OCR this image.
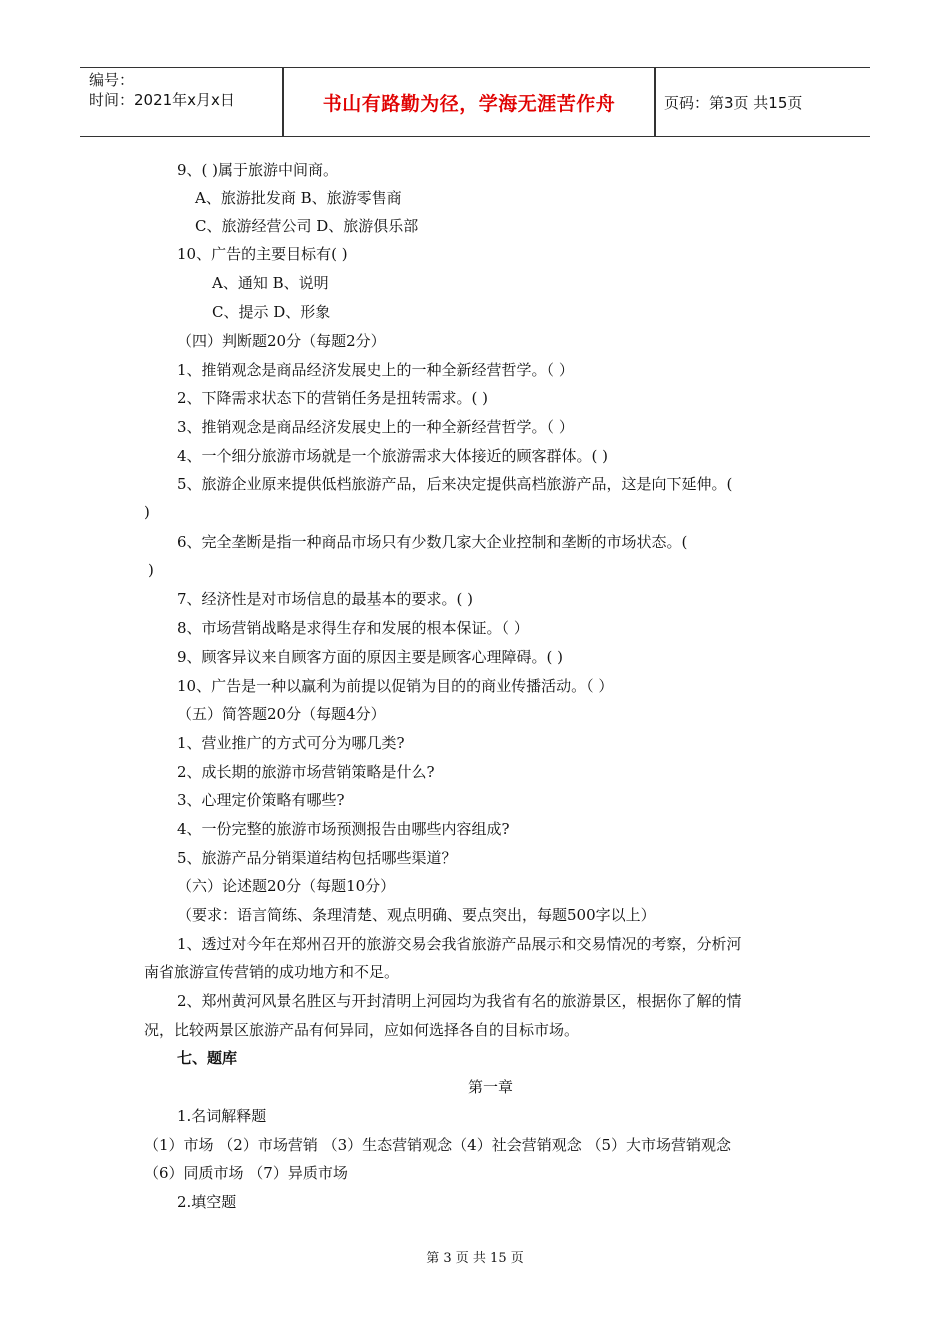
编号：
时间：2021年x月x日	书山有路勤为径，学海无涯苦作舟	页码：第3页 共15页
9、( )属于旅游中间商。
A、旅游批发商 B、旅游零售商
C、旅游经营公司 D、旅游俱乐部
10、广告的主要目标有( )
A、通知 B、说明
C、提示 D、形象
（四）判断题20分（每题2分）
1、推销观念是商品经济发展史上的一种全新经营哲学。（ ）
2、下降需求状态下的营销任务是扭转需求。( )
3、推销观念是商品经济发展史上的一种全新经营哲学。（ ）
4、一个细分旅游市场就是一个旅游需求大体接近的顾客群体。( )
5、旅游企业原来提供低档旅游产品，后来决定提供高档旅游产品，这是向下延伸。(
)
6、完全垄断是指一种商品市场只有少数几家大企业控制和垄断的市场状态。(
)
7、经济性是对市场信息的最基本的要求。( )
8、市场营销战略是求得生存和发展的根本保证。（ ）
9、顾客异议来自顾客方面的原因主要是顾客心理障碍。( )
10、广告是一种以赢利为前提以促销为目的的商业传播活动。（ ）
（五）简答题20分（每题4分）
1、营业推广的方式可分为哪几类?
2、成长期的旅游市场营销策略是什么?
3、心理定价策略有哪些?
4、一份完整的旅游市场预测报告由哪些内容组成?
5、旅游产品分销渠道结构包括哪些渠道？
（六）论述题20分（每题10分）
（要求：语言简练、条理清楚、观点明确、要点突出，每题500字以上）
1、透过对今年在郑州召开的旅游交易会我省旅游产品展示和交易情况的考察，分析河
南省旅游宣传营销的成功地方和不足。
2、郑州黄河风景名胜区与开封清明上河园均为我省有名的旅游景区，根据你了解的情
况，比较两景区旅游产品有何异同，应如何选择各自的目标市场。
七、题库
第一章
1.名词解释题
（1）市场 （2）市场营销 （3）生态营销观念（4）社会营销观念 （5）大市场营销观念
（6）同质市场 （7）异质市场
2.填空题
第 3 页 共 15 页
